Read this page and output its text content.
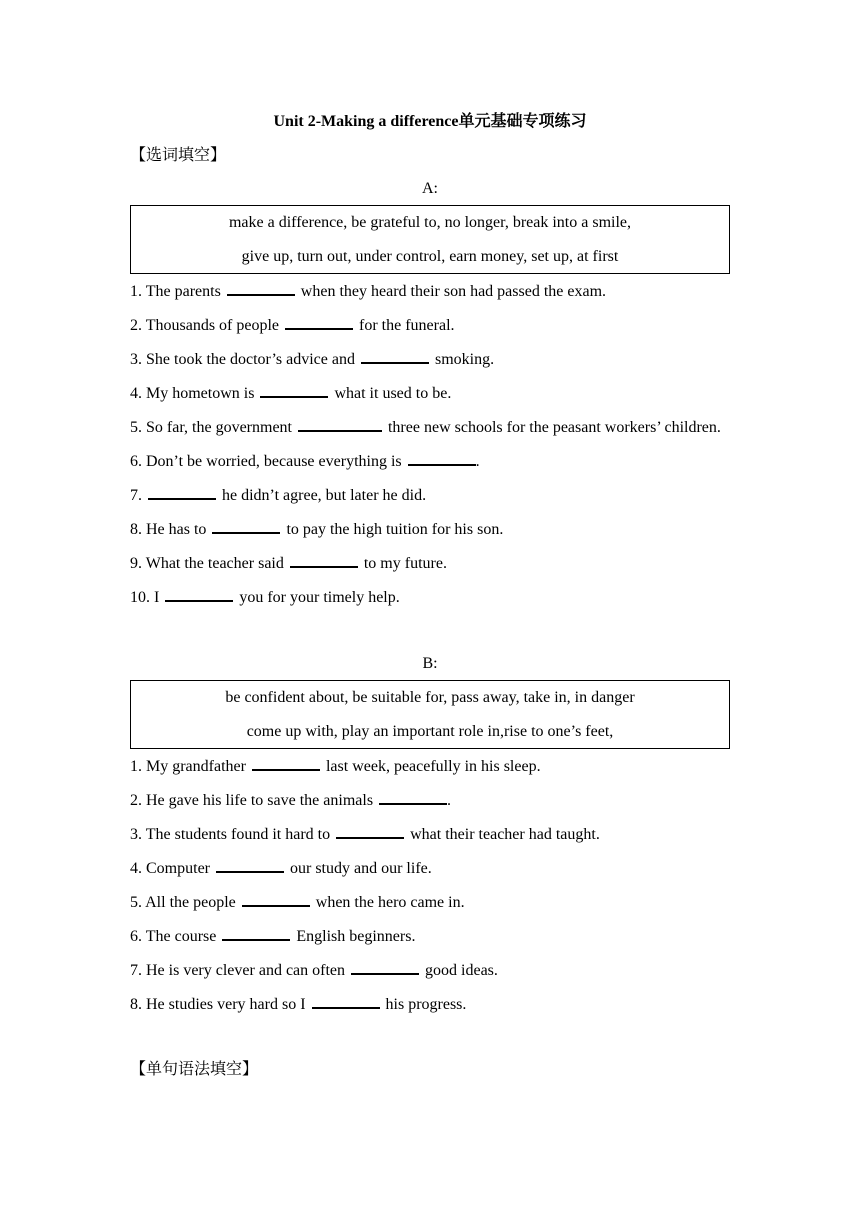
Unit 2-Making a difference单元基础专项练习
【选词填空】
A:
make a difference, be grateful to, no longer, break into a smile,
give up, turn out, under control, earn money, set up, at first
1. The parents	when they heard their son had passed the exam.
2. Thousands of people	for the funeral.
3. She took the doctor’s advice and	smoking.
4. My hometown is	what it used to be.
5. So far, the government	three new schools for the peasant workers’ children.
6. Don’t be worried, because everything is	.
7.	he didn’t agree, but later he did.
8. He has to	to pay the high tuition for his son.
9. What the teacher said	to my future.
10. I	you for your timely help.
B:
be confident about, be suitable for, pass away, take in, in danger
come up with, play an important role in,rise to one’s feet,
1. My grandfather	last week, peacefully in his sleep.
2. He gave his life to save the animals	.
3. The students found it hard to	what their teacher had taught.
4. Computer	our study and our life.
5. All the people	when the hero came in.
6. The course	English beginners.
7. He is very clever and can often	good ideas.
8. He studies very hard so I	his progress.
【单句语法填空】
